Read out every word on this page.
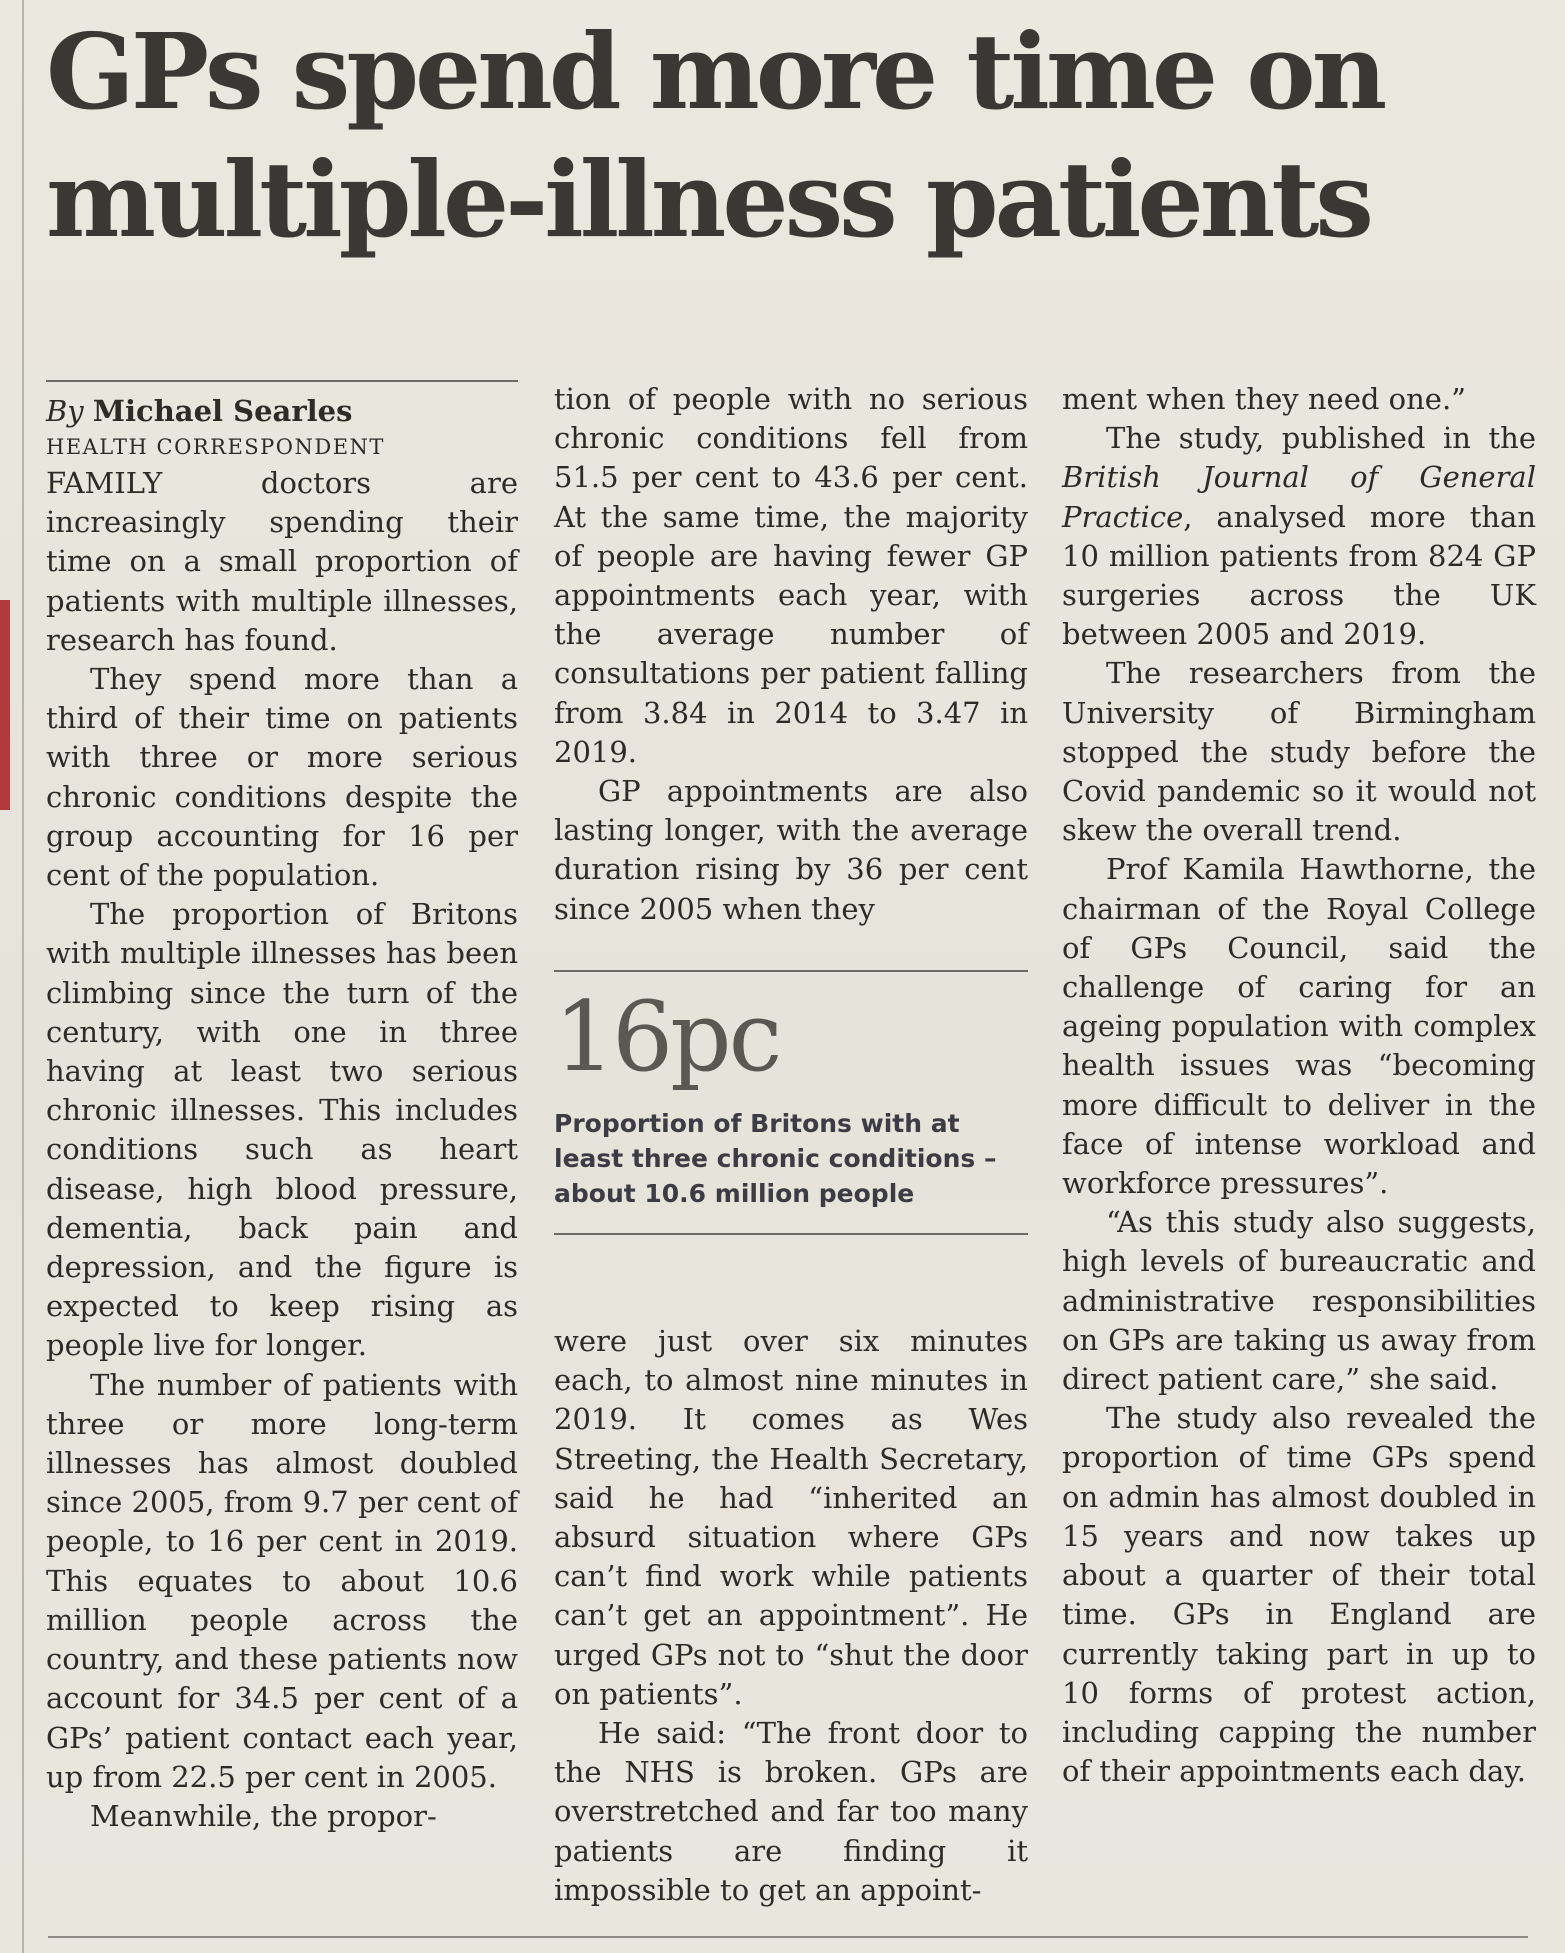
GPs spend more time on
multiple-illness patients

By Michael Searles

HEALTH CORRESPONDENT

FAMILY doctors are increasingly spending their time on a small proportion of patients with multiple illnesses, research has found.

They spend more than a third of their time on patients with three or more serious chronic conditions despite the group accounting for 16 per cent of the population.

The proportion of Britons with multiple illnesses has been climbing since the turn of the century, with one in three having at least two serious chronic illnesses. This includes conditions such as heart disease, high blood pressure, dementia, back pain and depression, and the figure is expected to keep rising as people live for longer.

The number of patients with three or more long-term illnesses has almost doubled since 2005, from 9.7 per cent of people, to 16 per cent in 2019. This equates to about 10.6 million people across the country, and these patients now account for 34.5 per cent of a GPs’ patient contact each year, up from 22.5 per cent in 2005.

Meanwhile, the propor-

tion of people with no serious chronic conditions fell from 51.5 per cent to 43.6 per cent. At the same time, the majority of people are having fewer GP appointments each year, with the average number of consultations per patient falling from 3.84 in 2014 to 3.47 in 2019.

GP appointments are also lasting longer, with the average duration rising by 36 per cent since 2005 when they

16pc

Proportion of Britons with at least three chronic conditions – about 10.6 million people

were just over six minutes each, to almost nine minutes in 2019. It comes as Wes Streeting, the Health Secretary, said he had “inherited an absurd situation where GPs can’t find work while patients can’t get an appointment”. He urged GPs not to “shut the door on patients”.

He said: “The front door to the NHS is broken. GPs are overstretched and far too many patients are finding it impossible to get an appoint-

ment when they need one.”

The study, published in the British Journal of General Practice, analysed more than 10 million patients from 824 GP surgeries across the UK between 2005 and 2019.

The researchers from the University of Birmingham stopped the study before the Covid pandemic so it would not skew the overall trend.

Prof Kamila Hawthorne, the chairman of the Royal College of GPs Council, said the challenge of caring for an ageing population with complex health issues was “becoming more difficult to deliver in the face of intense workload and workforce pressures”.

“As this study also suggests, high levels of bureaucratic and administrative responsibilities on GPs are taking us away from direct patient care,” she said.

The study also revealed the proportion of time GPs spend on admin has almost doubled in 15 years and now takes up about a quarter of their total time. GPs in England are currently taking part in up to 10 forms of protest action, including capping the number of their appointments each day.
